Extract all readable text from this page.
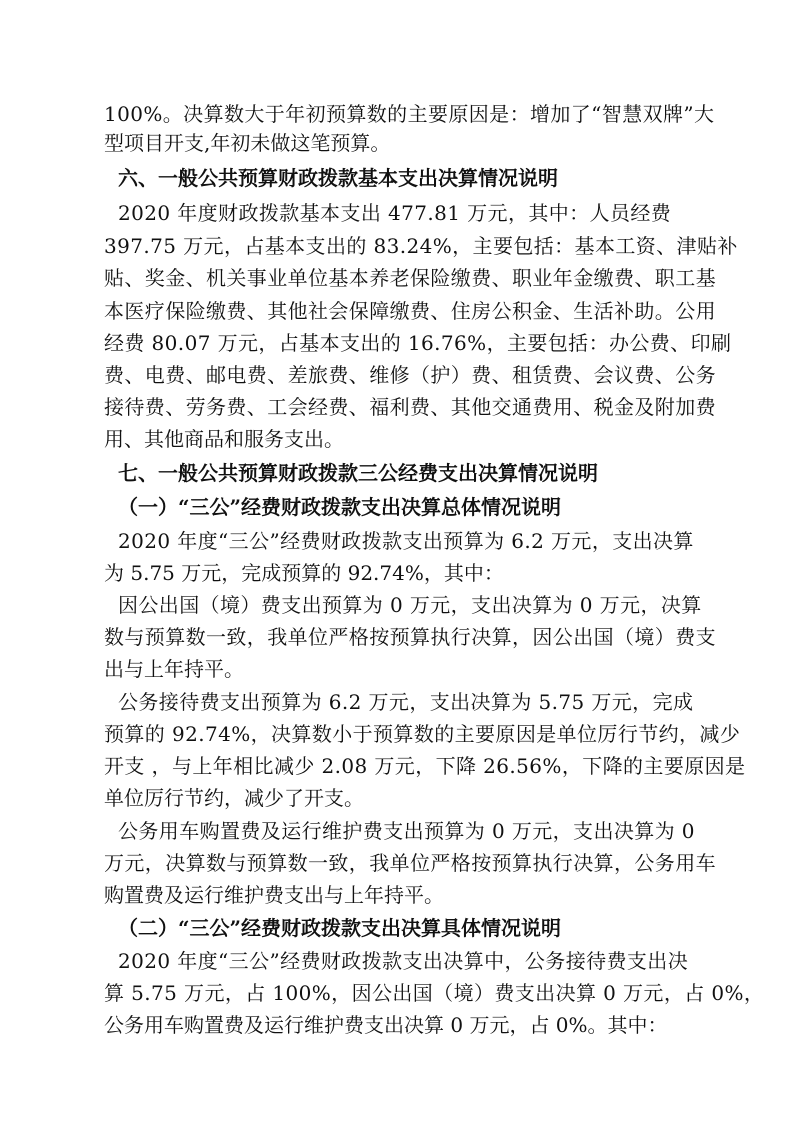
100%。决算数大于年初预算数的主要原因是：增加了“智慧双牌”大
型项目开支,年初未做这笔预算。
六、一般公共预算财政拨款基本支出决算情况说明
2020 年度财政拨款基本支出 477.81 万元，其中：人员经费
397.75 万元，占基本支出的 83.24%，主要包括：基本工资、津贴补
贴、奖金、机关事业单位基本养老保险缴费、职业年金缴费、职工基
本医疗保险缴费、其他社会保障缴费、住房公积金、生活补助。公用
经费 80.07 万元，占基本支出的 16.76%，主要包括：办公费、印刷
费、电费、邮电费、差旅费、维修（护）费、租赁费、会议费、公务
接待费、劳务费、工会经费、福利费、其他交通费用、税金及附加费
用、其他商品和服务支出。
七、一般公共预算财政拨款三公经费支出决算情况说明
（一）“三公”经费财政拨款支出决算总体情况说明
2020 年度“三公”经费财政拨款支出预算为 6.2 万元，支出决算
为 5.75 万元，完成预算的 92.74%，其中：
因公出国（境）费支出预算为 0 万元，支出决算为 0 万元，决算
数与预算数一致，我单位严格按预算执行决算，因公出国（境）费支
出与上年持平。
公务接待费支出预算为 6.2 万元，支出决算为 5.75 万元，完成
预算的 92.74%，决算数小于预算数的主要原因是单位厉行节约，减少
开支 ，与上年相比减少 2.08 万元，下降 26.56%，下降的主要原因是
单位厉行节约，减少了开支。
公务用车购置费及运行维护费支出预算为 0 万元，支出决算为 0
万元，决算数与预算数一致，我单位严格按预算执行决算，公务用车
购置费及运行维护费支出与上年持平。
（二）“三公”经费财政拨款支出决算具体情况说明
2020 年度“三公”经费财政拨款支出决算中，公务接待费支出决
算 5.75 万元，占 100%，因公出国（境）费支出决算 0 万元，占 0%，
公务用车购置费及运行维护费支出决算 0 万元，占 0%。其中：
